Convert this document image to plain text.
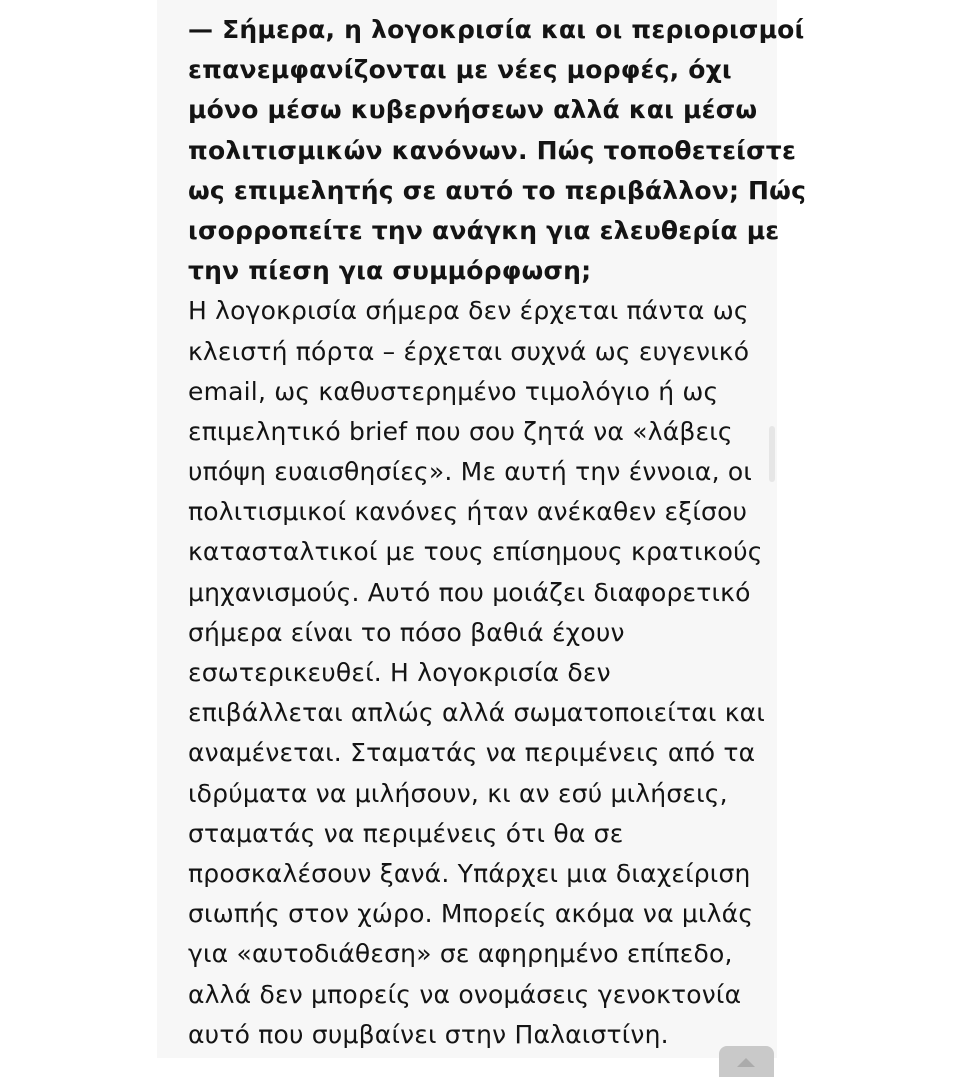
— Σήμερα, η λογοκρισία και οι περιορισμοί
επανεμφανίζονται με νέες μορφές, όχι
μόνο μέσω κυβερνήσεων αλλά και μέσω
πολιτισμικών κανόνων. Πώς τοποθετείστε
ως επιμελητής σε αυτό το περιβάλλον; Πώς
ισορροπείτε την ανάγκη για ελευθερία με
την πίεση για συμμόρφωση;
Η λογοκρισία σήμερα δεν έρχεται πάντα ως
κλειστή πόρτα – έρχεται συχνά ως ευγενικό
email, ως καθυστερημένο τιμολόγιο ή ως
επιμελητικό brief που σου ζητά να «λάβεις
υπόψη ευαισθησίες». Με αυτή την έννοια, οι
πολιτισμικοί κανόνες ήταν ανέκαθεν εξίσου
κατασταλτικοί με τους επίσημους κρατικούς
μηχανισμούς. Αυτό που μοιάζει διαφορετικό
σήμερα είναι το πόσο βαθιά έχουν
εσωτερικευθεί. Η λογοκρισία δεν
επιβάλλεται απλώς αλλά σωματοποιείται και
αναμένεται. Σταματάς να περιμένεις από τα
ιδρύματα να μιλήσουν, κι αν εσύ μιλήσεις,
σταματάς να περιμένεις ότι θα σε
προσκαλέσουν ξανά. Υπάρχει μια διαχείριση
σιωπής στον χώρο. Μπορείς ακόμα να μιλάς
για «αυτοδιάθεση» σε αφηρημένο επίπεδο,
αλλά δεν μπορείς να ονομάσεις γενοκτονία
αυτό που συμβαίνει στην Παλαιστίνη.
